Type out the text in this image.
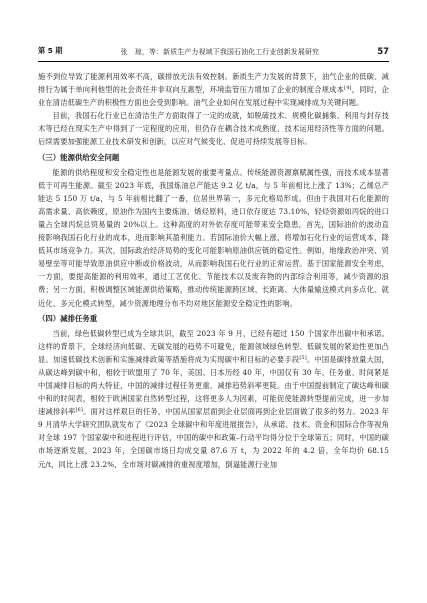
第 5 期	张　琼，等：新质生产力视域下我国石油化工行业创新发展研究	57

施不到位导致了能源利用效率不高，碳排放无法有效控制。新质生产力发展的背景下，油气企业的低碳、减排行为属于单向利他型的社会责任并非双向互惠型，环境监管压力增加了企业的制度合规成本[4]，同时，企业在清洁低碳生产的积极性方面也会受到影响。油气企业如何在发展过程中实现减排成为关键问题。

目前，我国石化行业已在清洁生产方面取得了一定的成就，如脱硫技术、规模化碳捕集、利用与封存技术等已经在现实生产中得到了一定程度的应用，但仍存在耦合技术成熟度、技术运用经济性等方面的问题。后续需要加强能源工业技术研发和创新，以应对气候变化、促进可持续发展等目标。

（三）能源供给安全问题

能源的供给程度和安全稳定性也是能源发展的重要考量点。传统能源资源禀赋属性强，而技术成本显著低于可再生能源。截至 2023 年底，我国炼油总产能达 9.2 亿 t/a，与 5 年前相比上涨了 13%；乙烯总产能达 5 150 万 t/a，与 5 年前相比翻了一番，位居世界第一，多元化格局形成。但由于我国对石化能源的高需求量、高依赖度，原油作为国内主要炼油、烯烃原料，进口依存度达 73.10%，轻烃资源如丙烷的进口量占全球丙烷总贸易量的 20%以上。这种高度的对外依存度可能带来安全隐患，首先，国际油价的波动直接影响我国石化行业的成本，进而影响其盈利能力。若国际油价大幅上涨，将增加石化行业的运营成本，降低其市场竞争力。其次，国际政治经济局势的变化可能影响原油供应链的稳定性。例如，地缘政治冲突、贸易壁垒等可能导致原油供应中断或价格波动，从而影响我国石化行业的正常运营。基于国家能源安全考虑，一方面，要提高能源的利用效率，通过工艺优化、节能技术以及废弃物的内部综合利用等，减少资源的浪费；另一方面，积极调整区域能源供给策略，推动传统能源跨区域、长距离、大体量输送模式向多点化、就近化、多元化模式转型，减少资源地理分布不均对地区能源安全稳定性的影响。

（四）减排任务重

当前，绿色低碳转型已成为全球共识，截至 2023 年 9 月，已经有超过 150 个国家作出碳中和承诺。这样的背景下，全球经济向低碳、无碳发展的趋势不可避免，能源领域绿色转型、低碳发展的紧迫性更加凸显。加速低碳技术创新和实施减排政策等措施将成为实现碳中和目标的必要手段[5]。中国是碳排放量大国，从碳达峰到碳中和，相较于欧盟用了 70 年，美国、日本历经 40 年，中国仅有 30 年。任务重、时间紧是中国减排目标的两大特征，中国的减排过程任务更重、减排趋势斜率更陡。由于中国提前制定了碳达峰和碳中和的时间表，相较于欧洲国家自然转型过程，这将更多人为因素，可能促使能源转型提前完成，进一步加速减排斜率[6]。面对这样艰巨的任务，中国从国家层面到企业层面再到企业层面做了很多的努力。2023 年 9 月清华大学研究团队就发布了《2023 全球碳中和年度进展报告》，从承诺、技术、资金和国际合作等视角对全球 197 个国家碳中和进程进行评估，中国的碳中和政策–行动平均得分位于全球第五；同时，中国的碳市场逐渐发展，2023 年，全国碳市场日均成交量 87.6 万 t，为 2022 年的 4.2 倍，全年均价 68.15 元/t，同比上涨 23.2%，全市场对碳减排的重视度增加，倒逼能源行业加
